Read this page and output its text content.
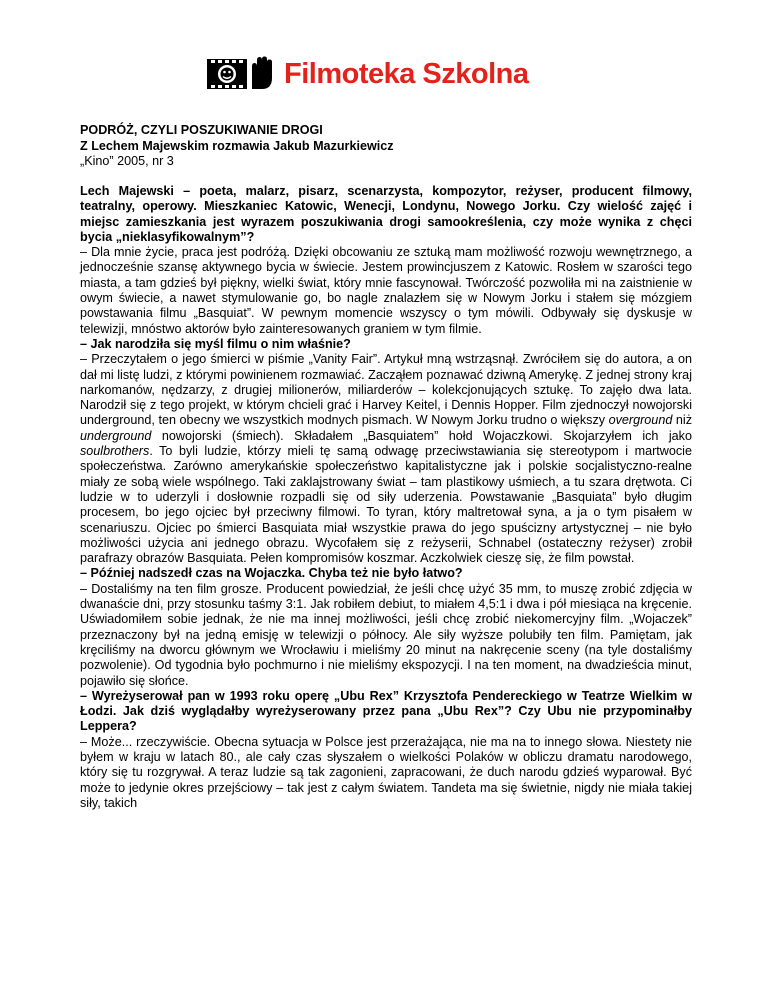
Filmoteka Szkolna
PODRÓŻ, CZYLI POSZUKIWANIE DROGI
Z Lechem Majewskim rozmawia Jakub Mazurkiewicz
„Kino” 2005, nr 3

Lech Majewski – poeta, malarz, pisarz, scenarzysta, kompozytor, reżyser, producent filmowy, teatralny, operowy. Mieszkaniec Katowic, Wenecji, Londynu, Nowego Jorku. Czy wielość zajęć i miejsc zamieszkania jest wyrazem poszukiwania drogi samookreślenia, czy może wynika z chęci bycia „nieklasyfikowalnym”?

– Dla mnie życie, praca jest podróżą. Dzięki obcowaniu ze sztuką mam możliwość rozwoju wewnętrznego, a jednocześnie szansę aktywnego bycia w świecie. Jestem prowincjuszem z Katowic. Rosłem w szarości tego miasta, a tam gdzieś był piękny, wielki świat, który mnie fascynował. Twórczość pozwoliła mi na zaistnienie w owym świecie, a nawet stymulowanie go, bo nagle znalazłem się w Nowym Jorku i stałem się mózgiem powstawania filmu „Basquiat”. W pewnym momencie wszyscy o tym mówili. Odbywały się dyskusje w telewizji, mnóstwo aktorów było zainteresowanych graniem w tym filmie.

– Jak narodziła się myśl filmu o nim właśnie?

– Przeczytałem o jego śmierci w piśmie „Vanity Fair”. Artykuł mną wstrząsnął. Zwróciłem się do autora, a on dał mi listę ludzi, z którymi powinienem rozmawiać. Zacząłem poznawać dziwną Amerykę. Z jednej strony kraj narkomanów, nędzarzy, z drugiej milionerów, miliarderów – kolekcjonujących sztukę. To zajęło dwa lata. Narodził się z tego projekt, w którym chcieli grać i Harvey Keitel, i Dennis Hopper. Film zjednoczył nowojorski underground, ten obecny we wszystkich modnych pismach. W Nowym Jorku trudno o większy overground niż underground nowojorski (śmiech). Składałem „Basquiatem” hołd Wojaczkowi. Skojarzyłem ich jako soulbrothers. To byli ludzie, którzy mieli tę samą odwagę przeciwstawiania się stereotypom i martwocie społeczeństwa. Zarówno amerykańskie społeczeństwo kapitalistyczne jak i polskie socjalistyczno-realne miały ze sobą wiele wspólnego. Taki zaklajstrowany świat – tam plastikowy uśmiech, a tu szara drętwota. Ci ludzie w to uderzyli i dosłownie rozpadli się od siły uderzenia. Powstawanie „Basquiata” było długim procesem, bo jego ojciec był przeciwny filmowi. To tyran, który maltretował syna, a ja o tym pisałem w scenariuszu. Ojciec po śmierci Basquiata miał wszystkie prawa do jego spuścizny artystycznej – nie było możliwości użycia ani jednego obrazu. Wycofałem się z reżyserii, Schnabel (ostateczny reżyser) zrobił parafrazy obrazów Basquiata. Pełen kompromisów koszmar. Aczkolwiek cieszę się, że film powstał.

– Później nadszedł czas na Wojaczka. Chyba też nie było łatwo?

– Dostaliśmy na ten film grosze. Producent powiedział, że jeśli chcę użyć 35 mm, to muszę zrobić zdjęcia w dwanaście dni, przy stosunku taśmy 3:1. Jak robiłem debiut, to miałem 4,5:1 i dwa i pół miesiąca na kręcenie. Uświadomiłem sobie jednak, że nie ma innej możliwości, jeśli chcę zrobić niekomercyjny film. „Wojaczek” przeznaczony był na jedną emisję w telewizji o północy. Ale siły wyższe polubiły ten film. Pamiętam, jak kręciliśmy na dworcu głównym we Wrocławiu i mieliśmy 20 minut na nakręcenie sceny (na tyle dostaliśmy pozwolenie). Od tygodnia było pochmurno i nie mieliśmy ekspozycji. I na ten moment, na dwadzieścia minut, pojawiło się słońce.

– Wyreżyserował pan w 1993 roku operę „Ubu Rex” Krzysztofa Pendereckiego w Teatrze Wielkim w Łodzi. Jak dziś wyglądałby wyreżyserowany przez pana „Ubu Rex”? Czy Ubu nie przypominałby Leppera?

– Może... rzeczywiście. Obecna sytuacja w Polsce jest przerażająca, nie ma na to innego słowa. Niestety nie byłem w kraju w latach 80., ale cały czas słyszałem o wielkości Polaków w obliczu dramatu narodowego, który się tu rozgrywał. A teraz ludzie są tak zagonieni, zapracowani, że duch narodu gdzieś wyparował. Być może to jedynie okres przejściowy – tak jest z całym światem. Tandeta ma się świetnie, nigdy nie miała takiej siły, takich
